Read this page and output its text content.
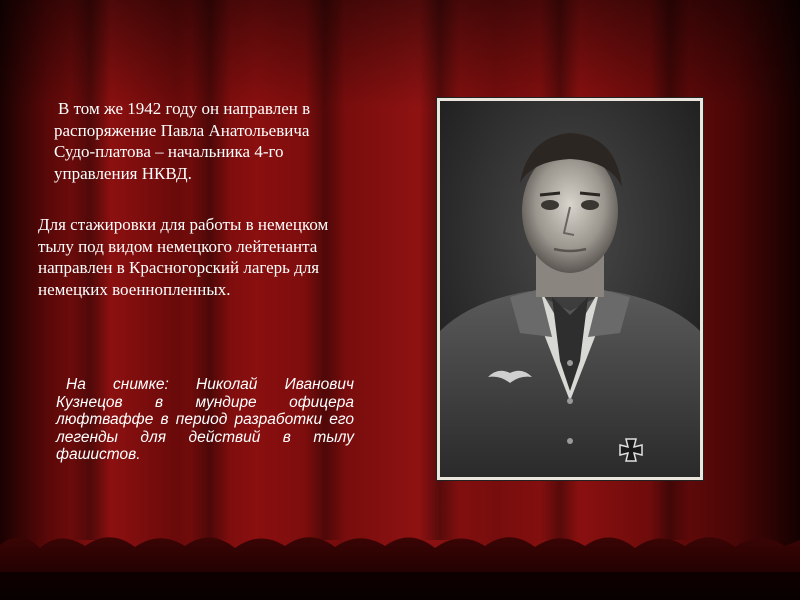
В том же 1942 году он направлен в распоряжение Павла Анатольевича Судо-платова – начальника 4-го управления НКВД.

Для стажировки для работы в немецком тылу под видом немецкого лейтенанта направлен в Красногорский лагерь для немецких военнопленных.

На снимке: Николай Иванович Кузнецов в мундире офицера люфтваффе в период разработки его легенды для действий в тылу фашистов.
